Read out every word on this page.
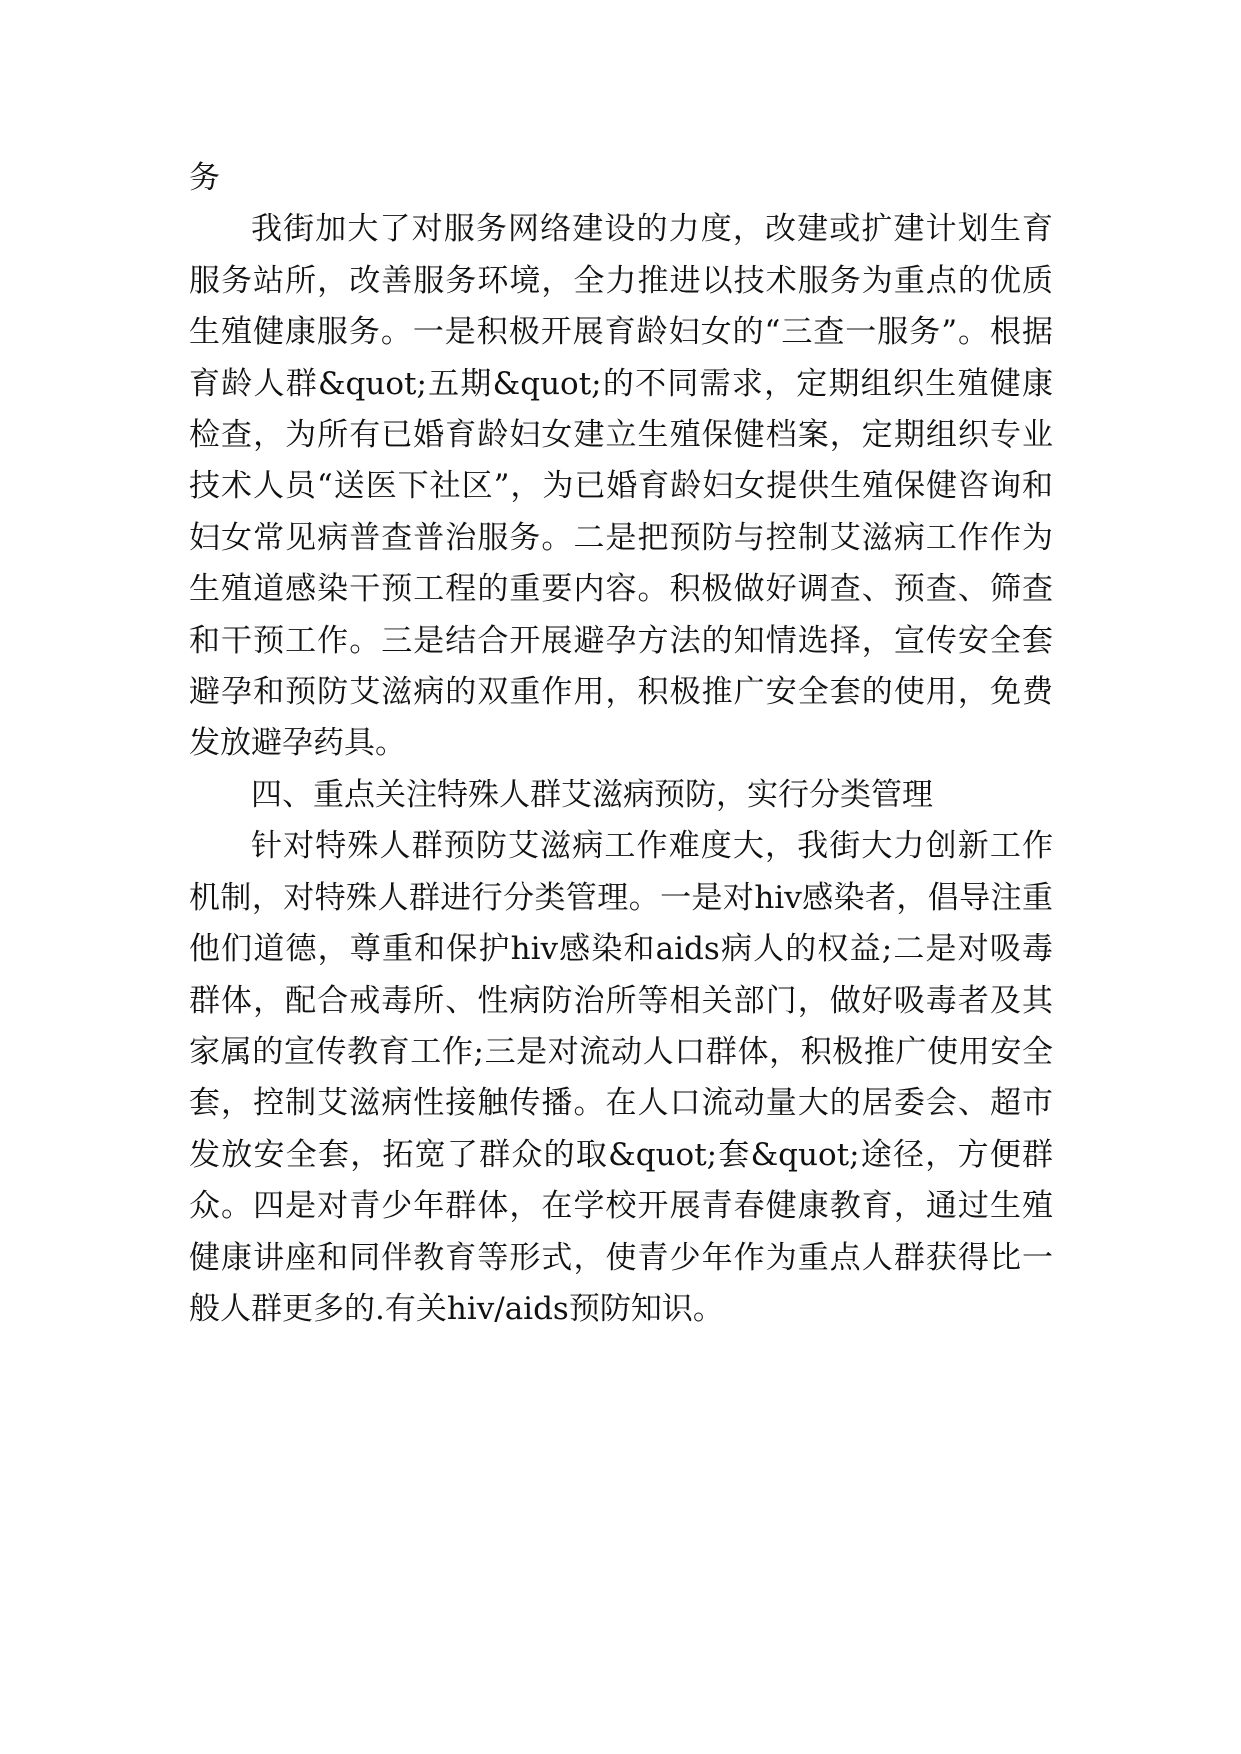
务

我街加大了对服务网络建设的力度，改建或扩建计划生育服务站所，改善服务环境，全力推进以技术服务为重点的优质生殖健康服务。一是积极开展育龄妇女的“三查一服务”。根据育龄人群&quot;五期&quot;的不同需求，定期组织生殖健康检查，为所有已婚育龄妇女建立生殖保健档案，定期组织专业技术人员“送医下社区”，为已婚育龄妇女提供生殖保健咨询和妇女常见病普查普治服务。二是把预防与控制艾滋病工作作为生殖道感染干预工程的重要内容。积极做好调查、预查、筛查和干预工作。三是结合开展避孕方法的知情选择，宣传安全套避孕和预防艾滋病的双重作用，积极推广安全套的使用，免费发放避孕药具。

四、重点关注特殊人群艾滋病预防，实行分类管理

针对特殊人群预防艾滋病工作难度大，我街大力创新工作机制，对特殊人群进行分类管理。一是对hiv感染者，倡导注重他们道德，尊重和保护hiv感染和aids病人的权益;二是对吸毒群体，配合戒毒所、性病防治所等相关部门，做好吸毒者及其家属的宣传教育工作;三是对流动人口群体，积极推广使用安全套，控制艾滋病性接触传播。在人口流动量大的居委会、超市发放安全套，拓宽了群众的取&quot;套&quot;途径，方便群众。四是对青少年群体，在学校开展青春健康教育，通过生殖健康讲座和同伴教育等形式，使青少年作为重点人群获得比一般人群更多的.有关hiv/aids预防知识。
